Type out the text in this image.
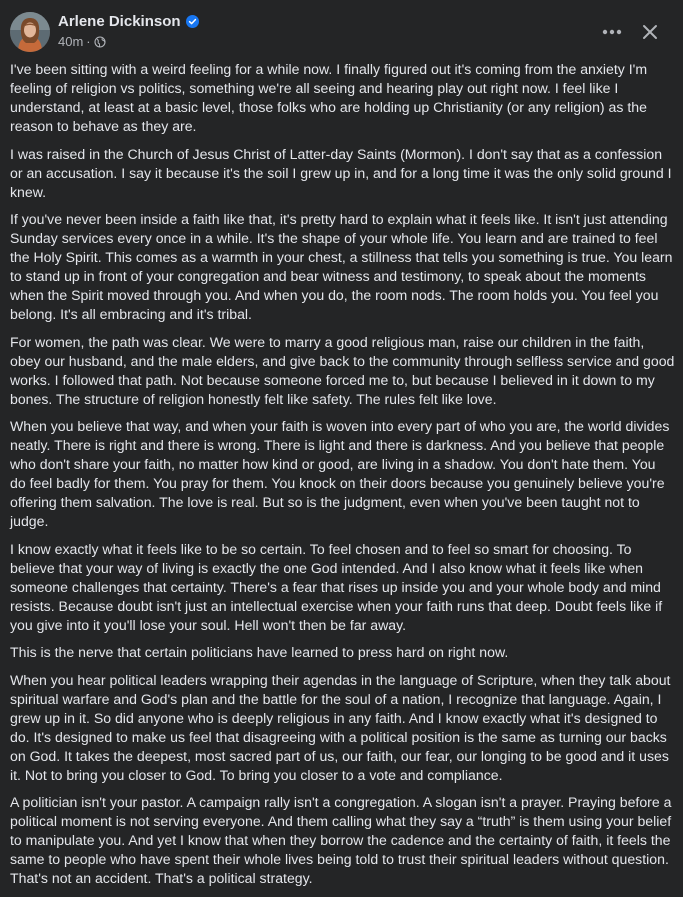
Arlene Dickinson
40m ·

I've been sitting with a weird feeling for a while now. I finally figured out it's coming from the anxiety I'm feeling of religion vs politics, something we're all seeing and hearing play out right now. I feel like I understand, at least at a basic level, those folks who are holding up Christianity (or any religion) as the reason to behave as they are.

I was raised in the Church of Jesus Christ of Latter-day Saints (Mormon). I don't say that as a confession or an accusation. I say it because it's the soil I grew up in, and for a long time it was the only solid ground I knew.

If you've never been inside a faith like that, it's pretty hard to explain what it feels like. It isn't just attending Sunday services every once in a while. It's the shape of your whole life. You learn and are trained to feel the Holy Spirit. This comes as a warmth in your chest, a stillness that tells you something is true. You learn to stand up in front of your congregation and bear witness and testimony, to speak about the moments when the Spirit moved through you. And when you do, the room nods. The room holds you. You feel you belong. It's all embracing and it's tribal.

For women, the path was clear. We were to marry a good religious man, raise our children in the faith, obey our husband, and the male elders, and give back to the community through selfless service and good works. I followed that path. Not because someone forced me to, but because I believed in it down to my bones. The structure of religion honestly felt like safety. The rules felt like love.

When you believe that way, and when your faith is woven into every part of who you are, the world divides neatly. There is right and there is wrong. There is light and there is darkness. And you believe that people who don't share your faith, no matter how kind or good, are living in a shadow. You don't hate them. You do feel badly for them. You pray for them. You knock on their doors because you genuinely believe you're offering them salvation. The love is real. But so is the judgment, even when you've been taught not to judge.

I know exactly what it feels like to be so certain. To feel chosen and to feel so smart for choosing. To believe that your way of living is exactly the one God intended. And I also know what it feels like when someone challenges that certainty. There's a fear that rises up inside you and your whole body and mind resists. Because doubt isn't just an intellectual exercise when your faith runs that deep. Doubt feels like if you give into it you'll lose your soul. Hell won't then be far away.

This is the nerve that certain politicians have learned to press hard on right now.

When you hear political leaders wrapping their agendas in the language of Scripture, when they talk about spiritual warfare and God's plan and the battle for the soul of a nation, I recognize that language. Again, I grew up in it. So did anyone who is deeply religious in any faith. And I know exactly what it's designed to do. It's designed to make us feel that disagreeing with a political position is the same as turning our backs on God. It takes the deepest, most sacred part of us, our faith, our fear, our longing to be good and it uses it. Not to bring you closer to God. To bring you closer to a vote and compliance.

A politician isn't your pastor. A campaign rally isn't a congregation. A slogan isn't a prayer. Praying before a political moment is not serving everyone. And them calling what they say a “truth” is them using your belief to manipulate you. And yet I know that when they borrow the cadence and the certainty of faith, it feels the same to people who have spent their whole lives being told to trust their spiritual leaders without question. That's not an accident. That's a political strategy.
